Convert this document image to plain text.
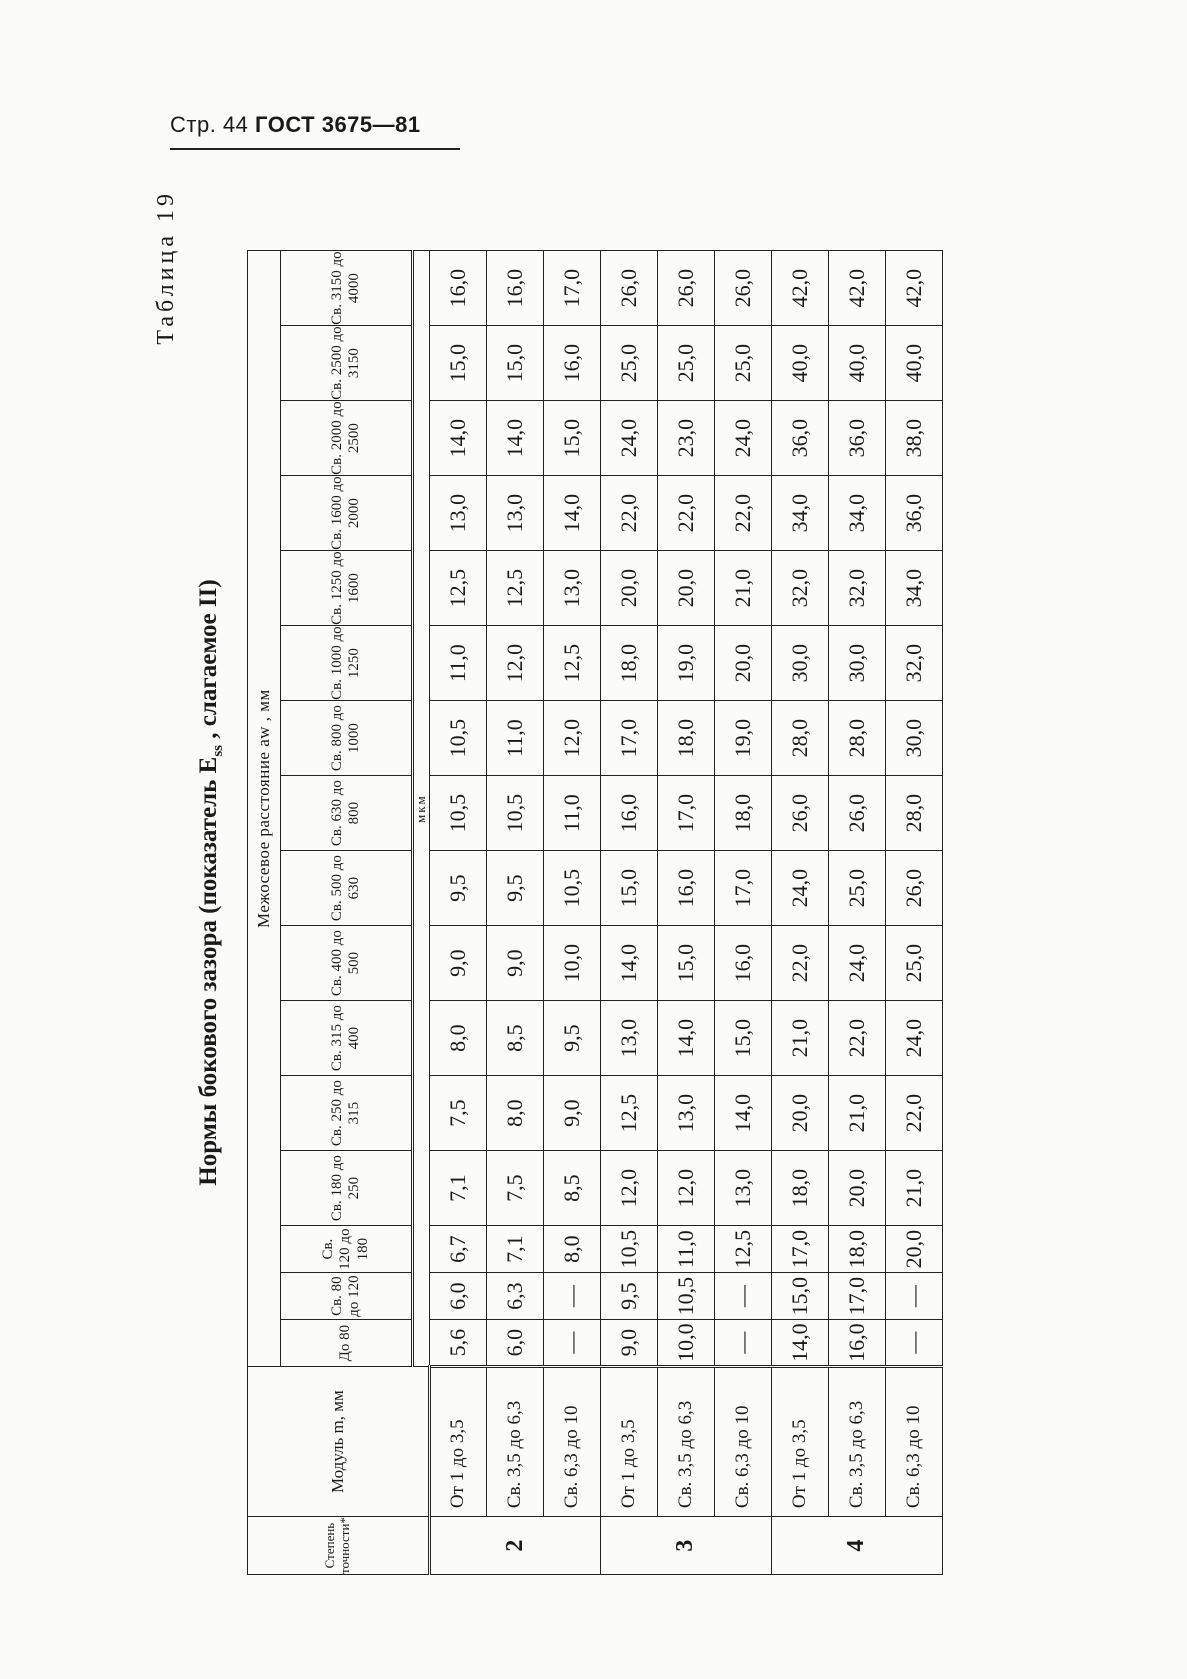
Стр. 44 ГОСТ 3675—81
Таблица 19
Нормы бокового зазора (показатель $E_{ss}$ , слагаемое II)
Степень точности*	Модуль m, мм	Межосевое расстояние aw , мм															
		До 80	Св. 80 до 120	Св. 120 до 180	Св. 180 до 250	Св. 250 до 315	Св. 315 до 400	Св. 400 до 500	Св. 500 до 630	Св. 630 до 800	Св. 800 до 1000	Св. 1000 до 1250	Св. 1250 до 1600	Св. 1600 до 2000	Св. 2000 до 2500	Св. 2500 до 3150	Св. 3150 до 4000
		мкм															
2	От 1 до 3,5	5,6	6,0	6,7	7,1	7,5	8,0	9,0	9,5	10,5	10,5	11,0	12,5	13,0	14,0	15,0	16,0
	Св. 3,5 до 6,3	6,0	6,3	7,1	7,5	8,0	8,5	9,0	9,5	10,5	11,0	12,0	12,5	13,0	14,0	15,0	16,0
	Св. 6,3 до 10	—	—	8,0	8,5	9,0	9,5	10,0	10,5	11,0	12,0	12,5	13,0	14,0	15,0	16,0	17,0
3	От 1 до 3,5	9,0	9,5	10,5	12,0	12,5	13,0	14,0	15,0	16,0	17,0	18,0	20,0	22,0	24,0	25,0	26,0
	Св. 3,5 до 6,3	10,0	10,5	11,0	12,0	13,0	14,0	15,0	16,0	17,0	18,0	19,0	20,0	22,0	23,0	25,0	26,0
	Св. 6,3 до 10	—	—	12,5	13,0	14,0	15,0	16,0	17,0	18,0	19,0	20,0	21,0	22,0	24,0	25,0	26,0
4	От 1 до 3,5	14,0	15,0	17,0	18,0	20,0	21,0	22,0	24,0	26,0	28,0	30,0	32,0	34,0	36,0	40,0	42,0
	Св. 3,5 до 6,3	16,0	17,0	18,0	20,0	21,0	22,0	24,0	25,0	26,0	28,0	30,0	32,0	34,0	36,0	40,0	42,0
	Св. 6,3 до 10	—	—	20,0	21,0	22,0	24,0	25,0	26,0	28,0	30,0	32,0	34,0	36,0	38,0	40,0	42,0
